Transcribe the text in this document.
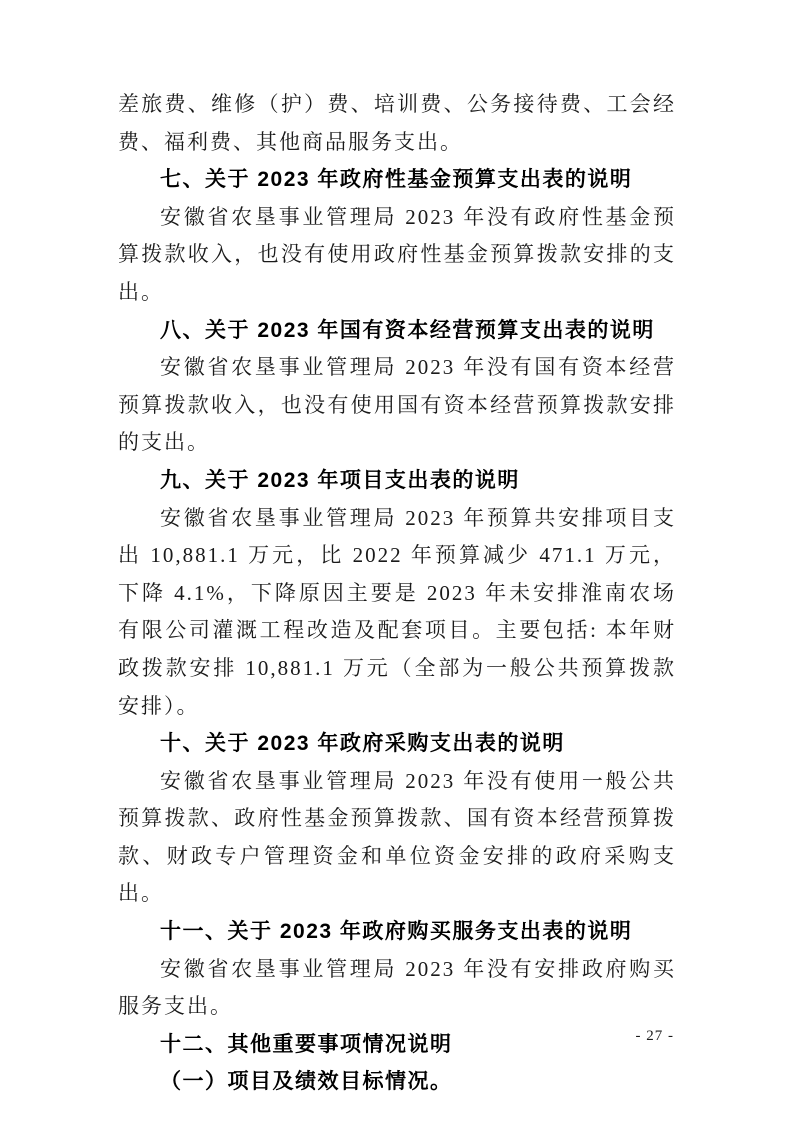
差旅费、维修（护）费、培训费、公务接待费、工会经费、福利费、其他商品服务支出。

七、关于 2023 年政府性基金预算支出表的说明

安徽省农垦事业管理局 2023 年没有政府性基金预算拨款收入，也没有使用政府性基金预算拨款安排的支出。

八、关于 2023 年国有资本经营预算支出表的说明

安徽省农垦事业管理局 2023 年没有国有资本经营预算拨款收入，也没有使用国有资本经营预算拨款安排的支出。

九、关于 2023 年项目支出表的说明

安徽省农垦事业管理局 2023 年预算共安排项目支出 10,881.1 万元，比 2022 年预算减少 471.1 万元，下降 4.1%，下降原因主要是 2023 年未安排淮南农场有限公司灌溉工程改造及配套项目。主要包括: 本年财政拨款安排 10,881.1 万元（全部为一般公共预算拨款安排）。

十、关于 2023 年政府采购支出表的说明

安徽省农垦事业管理局 2023 年没有使用一般公共预算拨款、政府性基金预算拨款、国有资本经营预算拨款、财政专户管理资金和单位资金安排的政府采购支出。

十一、关于 2023 年政府购买服务支出表的说明

安徽省农垦事业管理局 2023 年没有安排政府购买服务支出。

十二、其他重要事项情况说明

（一）项目及绩效目标情况。

- 27 -
